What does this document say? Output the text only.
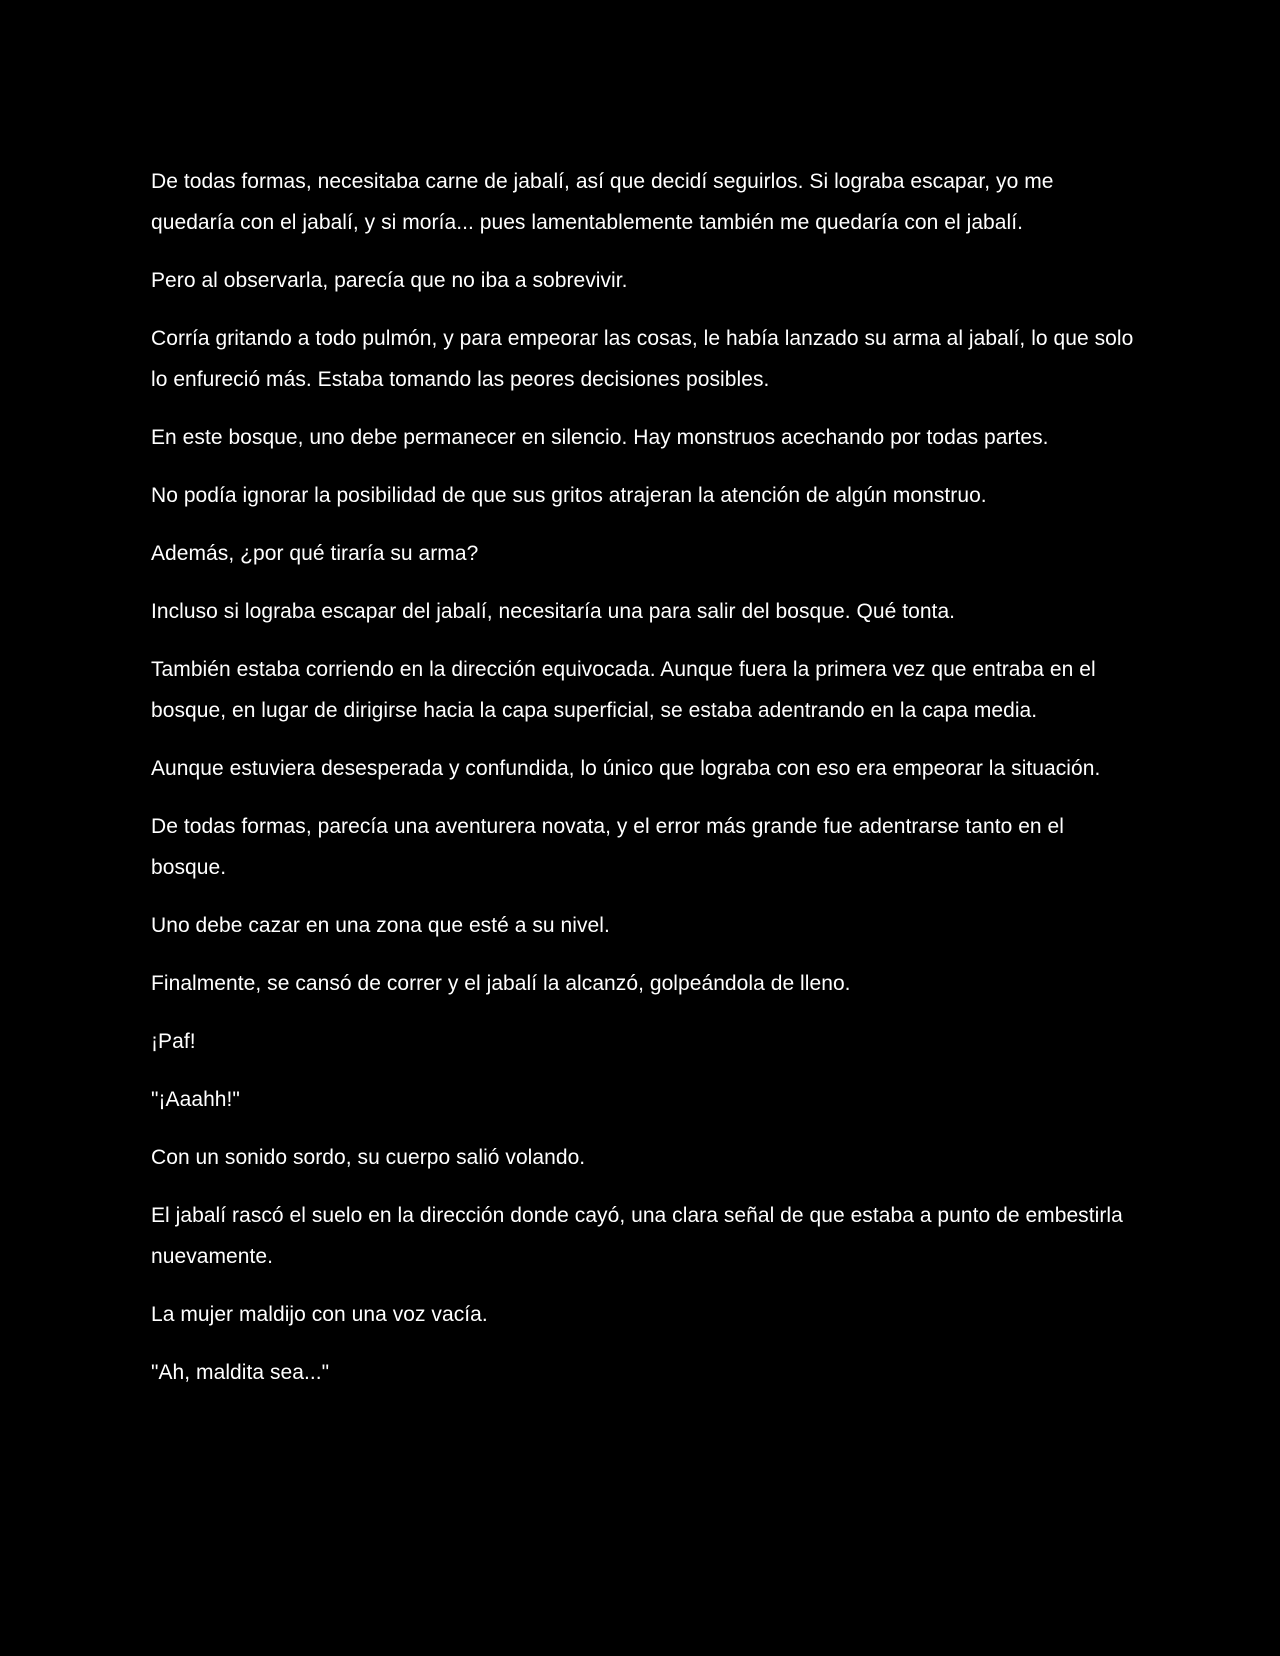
De todas formas, necesitaba carne de jabalí, así que decidí seguirlos. Si lograba escapar, yo me quedaría con el jabalí, y si moría... pues lamentablemente también me quedaría con el jabalí.

Pero al observarla, parecía que no iba a sobrevivir.

Corría gritando a todo pulmón, y para empeorar las cosas, le había lanzado su arma al jabalí, lo que solo lo enfureció más. Estaba tomando las peores decisiones posibles.

En este bosque, uno debe permanecer en silencio. Hay monstruos acechando por todas partes.

No podía ignorar la posibilidad de que sus gritos atrajeran la atención de algún monstruo.

Además, ¿por qué tiraría su arma?

Incluso si lograba escapar del jabalí, necesitaría una para salir del bosque. Qué tonta.

También estaba corriendo en la dirección equivocada. Aunque fuera la primera vez que entraba en el bosque, en lugar de dirigirse hacia la capa superficial, se estaba adentrando en la capa media.

Aunque estuviera desesperada y confundida, lo único que lograba con eso era empeorar la situación.

De todas formas, parecía una aventurera novata, y el error más grande fue adentrarse tanto en el bosque.

Uno debe cazar en una zona que esté a su nivel.

Finalmente, se cansó de correr y el jabalí la alcanzó, golpeándola de lleno.

¡Paf!

"¡Aaahh!"

Con un sonido sordo, su cuerpo salió volando.

El jabalí rascó el suelo en la dirección donde cayó, una clara señal de que estaba a punto de embestirla nuevamente.

La mujer maldijo con una voz vacía.

"Ah, maldita sea..."
